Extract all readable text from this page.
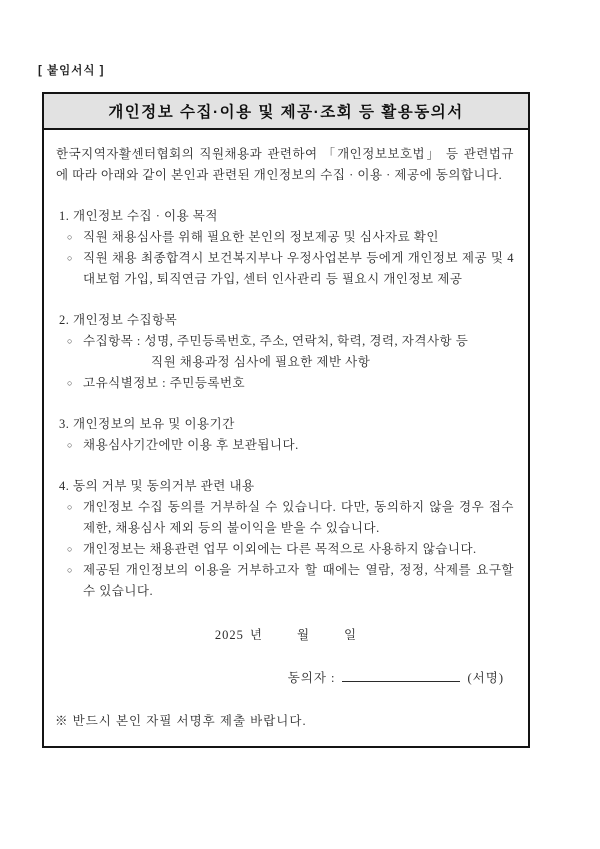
[ 붙임서식 ]
개인정보 수집·이용 및 제공·조회 등 활용동의서
한국지역자활센터협회의 직원채용과 관련하여 「개인정보보호법」 등 관련법규에 따라 아래와 같이 본인과 관련된 개인정보의 수집 · 이용 · 제공에 동의합니다.
1. 개인정보 수집 · 이용 목적
○ 직원 채용심사를 위해 필요한 본인의 정보제공 및 심사자료 확인
○ 직원 채용 최종합격시 보건복지부나 우정사업본부 등에게 개인정보 제공 및 4대보험 가입, 퇴직연금 가입, 센터 인사관리 등 필요시 개인정보 제공
2. 개인정보 수집항목
○ 수집항목 : 성명, 주민등록번호, 주소, 연락처, 학력, 경력, 자격사항 등
직원 채용과정 심사에 필요한 제반 사항
○ 고유식별정보 : 주민등록번호
3. 개인정보의 보유 및 이용기간
○ 채용심사기간에만 이용 후 보관됩니다.
4. 동의 거부 및 동의거부 관련 내용
○ 개인정보 수집 동의를 거부하실 수 있습니다. 다만, 동의하지 않을 경우 접수 제한, 채용심사 제외 등의 불이익을 받을 수 있습니다.
○ 개인정보는 채용관련 업무 이외에는 다른 목적으로 사용하지 않습니다.
○ 제공된 개인정보의 이용을 거부하고자 할 때에는 열람, 정정, 삭제를 요구할 수 있습니다.
2025 년	월	일
동의자 :	(서명)
※ 반드시 본인 자필 서명후 제출 바랍니다.
